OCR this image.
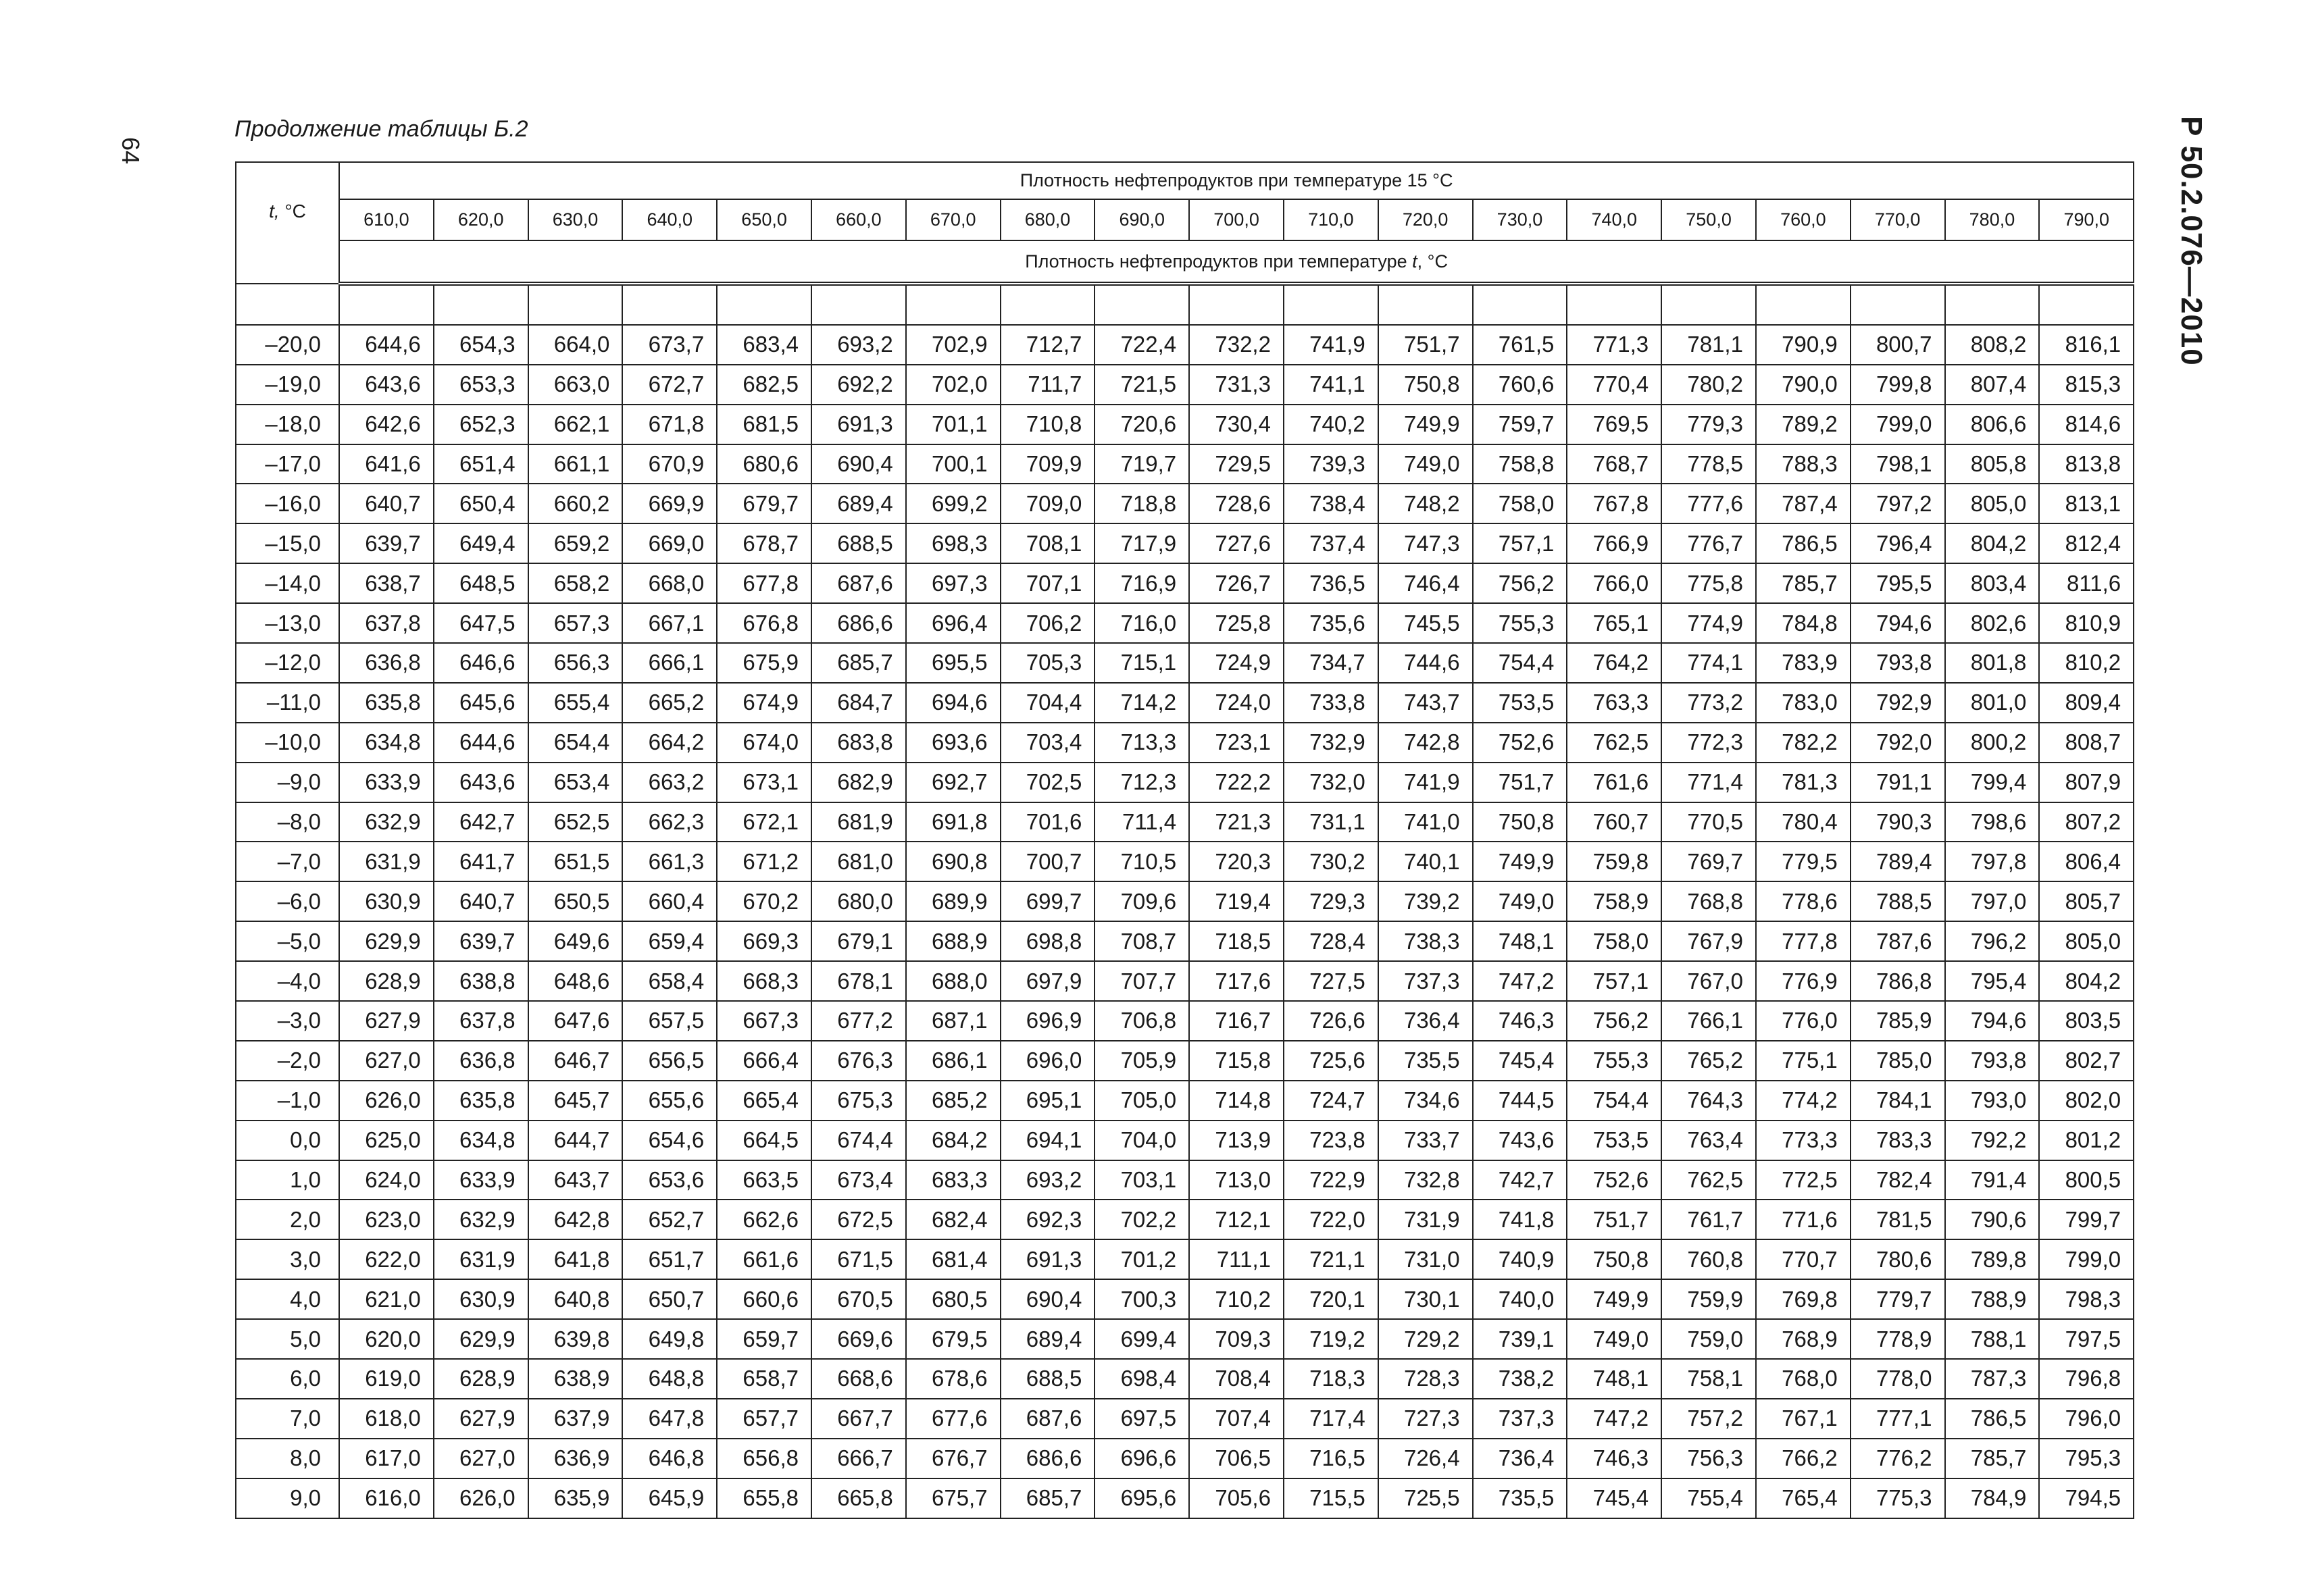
64
Продолжение таблицы Б.2	Р 50.2.076—2010
t, °С	Плотность нефтепродуктов при температуре 15 °С																		
	610,0	620,0	630,0	640,0	650,0	660,0	670,0	680,0	690,0	700,0	710,0	720,0	730,0	740,0	750,0	760,0	770,0	780,0	790,0
	Плотность нефтепродуктов при температуре t, °С																		

–20,0	644,6	654,3	664,0	673,7	683,4	693,2	702,9	712,7	722,4	732,2	741,9	751,7	761,5	771,3	781,1	790,9	800,7	808,2	816,1
–19,0	643,6	653,3	663,0	672,7	682,5	692,2	702,0	711,7	721,5	731,3	741,1	750,8	760,6	770,4	780,2	790,0	799,8	807,4	815,3
–18,0	642,6	652,3	662,1	671,8	681,5	691,3	701,1	710,8	720,6	730,4	740,2	749,9	759,7	769,5	779,3	789,2	799,0	806,6	814,6
–17,0	641,6	651,4	661,1	670,9	680,6	690,4	700,1	709,9	719,7	729,5	739,3	749,0	758,8	768,7	778,5	788,3	798,1	805,8	813,8
–16,0	640,7	650,4	660,2	669,9	679,7	689,4	699,2	709,0	718,8	728,6	738,4	748,2	758,0	767,8	777,6	787,4	797,2	805,0	813,1
–15,0	639,7	649,4	659,2	669,0	678,7	688,5	698,3	708,1	717,9	727,6	737,4	747,3	757,1	766,9	776,7	786,5	796,4	804,2	812,4
–14,0	638,7	648,5	658,2	668,0	677,8	687,6	697,3	707,1	716,9	726,7	736,5	746,4	756,2	766,0	775,8	785,7	795,5	803,4	811,6
–13,0	637,8	647,5	657,3	667,1	676,8	686,6	696,4	706,2	716,0	725,8	735,6	745,5	755,3	765,1	774,9	784,8	794,6	802,6	810,9
–12,0	636,8	646,6	656,3	666,1	675,9	685,7	695,5	705,3	715,1	724,9	734,7	744,6	754,4	764,2	774,1	783,9	793,8	801,8	810,2
–11,0	635,8	645,6	655,4	665,2	674,9	684,7	694,6	704,4	714,2	724,0	733,8	743,7	753,5	763,3	773,2	783,0	792,9	801,0	809,4
–10,0	634,8	644,6	654,4	664,2	674,0	683,8	693,6	703,4	713,3	723,1	732,9	742,8	752,6	762,5	772,3	782,2	792,0	800,2	808,7
–9,0	633,9	643,6	653,4	663,2	673,1	682,9	692,7	702,5	712,3	722,2	732,0	741,9	751,7	761,6	771,4	781,3	791,1	799,4	807,9
–8,0	632,9	642,7	652,5	662,3	672,1	681,9	691,8	701,6	711,4	721,3	731,1	741,0	750,8	760,7	770,5	780,4	790,3	798,6	807,2
–7,0	631,9	641,7	651,5	661,3	671,2	681,0	690,8	700,7	710,5	720,3	730,2	740,1	749,9	759,8	769,7	779,5	789,4	797,8	806,4
–6,0	630,9	640,7	650,5	660,4	670,2	680,0	689,9	699,7	709,6	719,4	729,3	739,2	749,0	758,9	768,8	778,6	788,5	797,0	805,7
–5,0	629,9	639,7	649,6	659,4	669,3	679,1	688,9	698,8	708,7	718,5	728,4	738,3	748,1	758,0	767,9	777,8	787,6	796,2	805,0
–4,0	628,9	638,8	648,6	658,4	668,3	678,1	688,0	697,9	707,7	717,6	727,5	737,3	747,2	757,1	767,0	776,9	786,8	795,4	804,2
–3,0	627,9	637,8	647,6	657,5	667,3	677,2	687,1	696,9	706,8	716,7	726,6	736,4	746,3	756,2	766,1	776,0	785,9	794,6	803,5
–2,0	627,0	636,8	646,7	656,5	666,4	676,3	686,1	696,0	705,9	715,8	725,6	735,5	745,4	755,3	765,2	775,1	785,0	793,8	802,7
–1,0	626,0	635,8	645,7	655,6	665,4	675,3	685,2	695,1	705,0	714,8	724,7	734,6	744,5	754,4	764,3	774,2	784,1	793,0	802,0
0,0	625,0	634,8	644,7	654,6	664,5	674,4	684,2	694,1	704,0	713,9	723,8	733,7	743,6	753,5	763,4	773,3	783,3	792,2	801,2
1,0	624,0	633,9	643,7	653,6	663,5	673,4	683,3	693,2	703,1	713,0	722,9	732,8	742,7	752,6	762,5	772,5	782,4	791,4	800,5
2,0	623,0	632,9	642,8	652,7	662,6	672,5	682,4	692,3	702,2	712,1	722,0	731,9	741,8	751,7	761,7	771,6	781,5	790,6	799,7
3,0	622,0	631,9	641,8	651,7	661,6	671,5	681,4	691,3	701,2	711,1	721,1	731,0	740,9	750,8	760,8	770,7	780,6	789,8	799,0
4,0	621,0	630,9	640,8	650,7	660,6	670,5	680,5	690,4	700,3	710,2	720,1	730,1	740,0	749,9	759,9	769,8	779,7	788,9	798,3
5,0	620,0	629,9	639,8	649,8	659,7	669,6	679,5	689,4	699,4	709,3	719,2	729,2	739,1	749,0	759,0	768,9	778,9	788,1	797,5
6,0	619,0	628,9	638,9	648,8	658,7	668,6	678,6	688,5	698,4	708,4	718,3	728,3	738,2	748,1	758,1	768,0	778,0	787,3	796,8
7,0	618,0	627,9	637,9	647,8	657,7	667,7	677,6	687,6	697,5	707,4	717,4	727,3	737,3	747,2	757,2	767,1	777,1	786,5	796,0
8,0	617,0	627,0	636,9	646,8	656,8	666,7	676,7	686,6	696,6	706,5	716,5	726,4	736,4	746,3	756,3	766,2	776,2	785,7	795,3
9,0	616,0	626,0	635,9	645,9	655,8	665,8	675,7	685,7	695,6	705,6	715,5	725,5	735,5	745,4	755,4	765,4	775,3	784,9	794,5
